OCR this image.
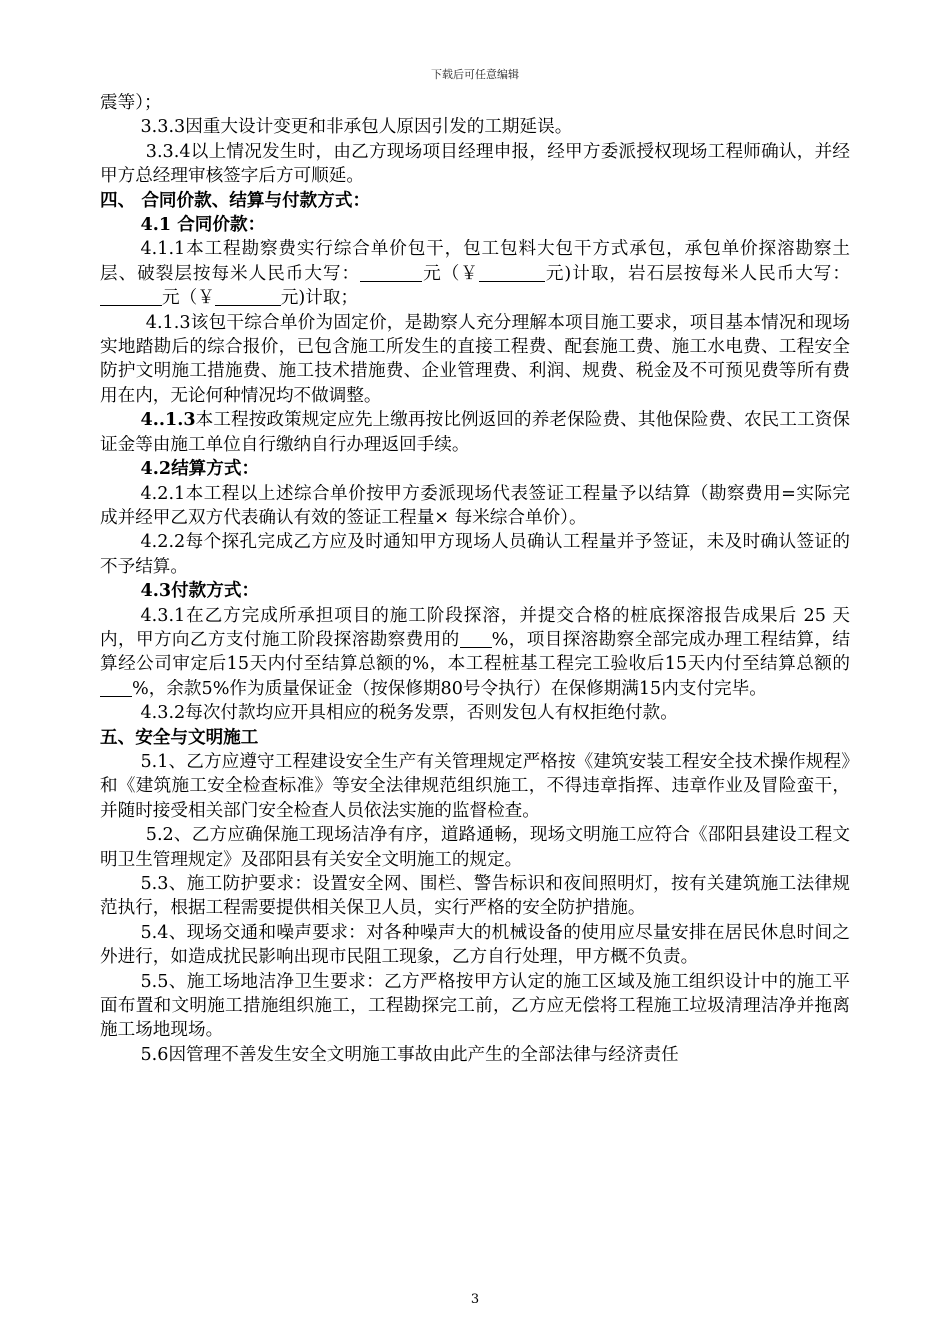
下载后可任意编辑

震等）；

3.3.3因重大设计变更和非承包人原因引发的工期延误。

3.3.4以上情况发生时，由乙方现场项目经理申报，经甲方委派授权现场工程师确认，并经甲方总经理审核签字后方可顺延。

四、 合同价款、结算与付款方式：

4.1 合同价款：

4.1.1本工程勘察费实行综合单价包干，包工包料大包干方式承包，承包单价探溶勘察土层、破裂层按每米人民币大写：	元（￥	元)计取，岩石层按每米人民币大写：元（￥	元)计取；

4.1.3该包干综合单价为固定价，是勘察人充分理解本项目施工要求，项目基本情况和现场实地踏勘后的综合报价，已包含施工所发生的直接工程费、配套施工费、施工水电费、工程安全防护文明施工措施费、施工技术措施费、企业管理费、利润、规费、税金及不可预见费等所有费用在内，无论何种情况均不做调整。

4..1.3本工程按政策规定应先上缴再按比例返回的养老保险费、其他保险费、农民工工资保证金等由施工单位自行缴纳自行办理返回手续。

4.2结算方式：

4.2.1本工程以上述综合单价按甲方委派现场代表签证工程量予以结算（勘察费用=实际完成并经甲乙双方代表确认有效的签证工程量× 每米综合单价）。

4.2.2每个探孔完成乙方应及时通知甲方现场人员确认工程量并予签证，未及时确认签证的不予结算。

4.3付款方式：

4.3.1在乙方完成所承担项目的施工阶段探溶，并提交合格的桩底探溶报告成果后 25 天内，甲方向乙方支付施工阶段探溶勘察费用的 %，项目探溶勘察全部完成办理工程结算，结算经公司审定后15天内付至结算总额的%，本工程桩基工程完工验收后15天内付至结算总额的%，余款5%作为质量保证金（按保修期80号令执行）在保修期满15内支付完毕。

4.3.2每次付款均应开具相应的税务发票，否则发包人有权拒绝付款。

五、安全与文明施工

5.1、乙方应遵守工程建设安全生产有关管理规定严格按《建筑安装工程安全技术操作规程》和《建筑施工安全检查标准》等安全法律规范组织施工，不得违章指挥、违章作业及冒险蛮干，并随时接受相关部门安全检查人员依法实施的监督检查。

5.2、乙方应确保施工现场洁净有序，道路通畅，现场文明施工应符合《邵阳县建设工程文明卫生管理规定》及邵阳县有关安全文明施工的规定。

5.3、施工防护要求：设置安全网、围栏、警告标识和夜间照明灯，按有关建筑施工法律规范执行，根据工程需要提供相关保卫人员，实行严格的安全防护措施。

5.4、现场交通和噪声要求：对各种噪声大的机械设备的使用应尽量安排在居民休息时间之外进行，如造成扰民影响出现市民阻工现象，乙方自行处理，甲方概不负责。

5.5、施工场地洁净卫生要求：乙方严格按甲方认定的施工区域及施工组织设计中的施工平面布置和文明施工措施组织施工，工程勘探完工前，乙方应无偿将工程施工垃圾清理洁净并拖离施工场地现场。

5.6因管理不善发生安全文明施工事故由此产生的全部法律与经济责任

3
